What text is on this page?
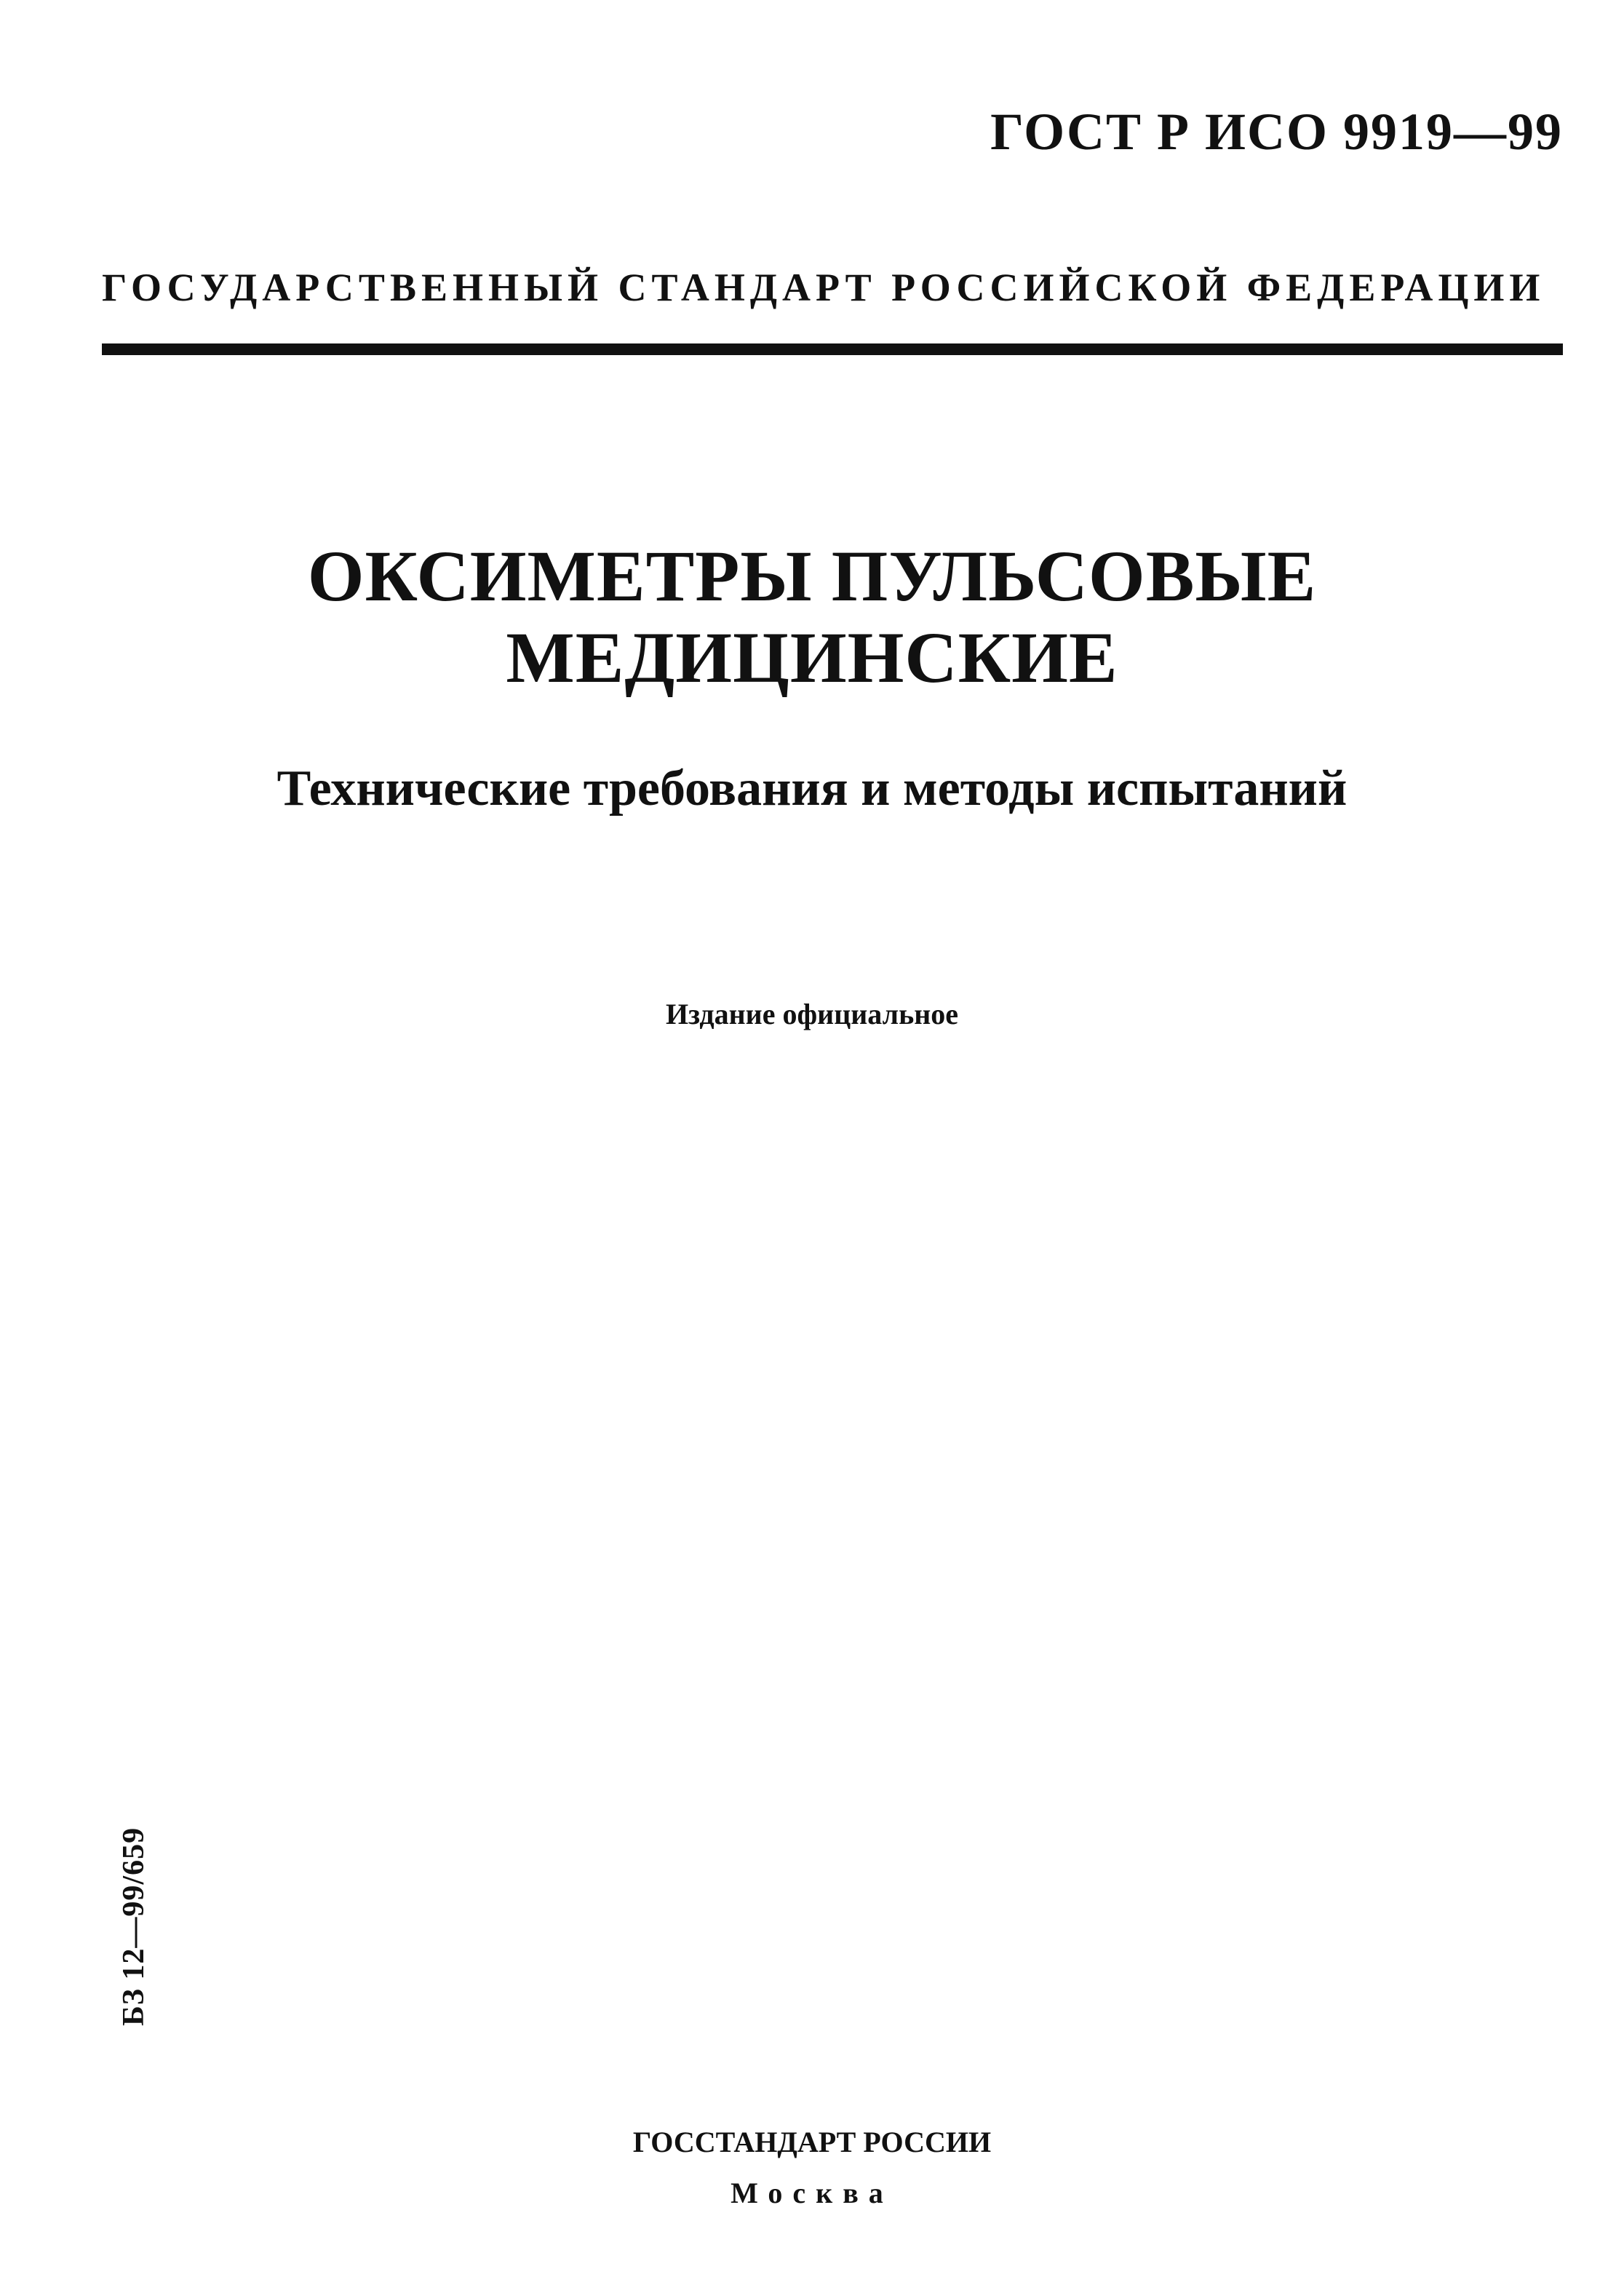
ГОСТ Р ИСО 9919—99
ГОСУДАРСТВЕННЫЙ СТАНДАРТ РОССИЙСКОЙ ФЕДЕРАЦИИ
ОКСИМЕТРЫ ПУЛЬСОВЫЕ
МЕДИЦИНСКИЕ
Технические требования и методы испытаний
Издание официальное
БЗ 12—99/659
ГОССТАНДАРТ РОССИИ
Москва
